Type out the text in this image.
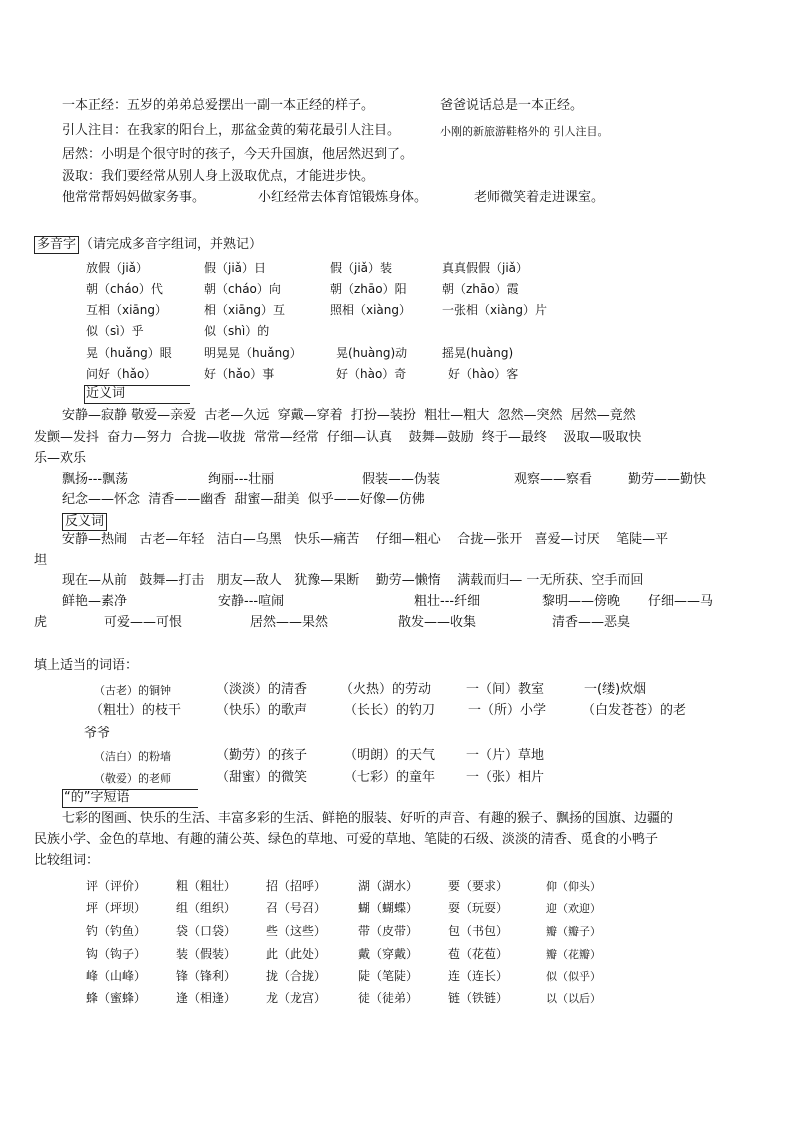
一本正经：五岁的弟弟总爱摆出一副一本正经的样子。	爸爸说话总是一本正经。
引人注目：在我家的阳台上，那盆金黄的菊花最引人注目。	小刚的新旅游鞋格外的 引人注目。
居然：小明是个很守时的孩子，今天升国旗，他居然迟到了。
汲取：我们要经常从别人身上汲取优点，才能进步快。
他常常帮妈妈做家务事。	小红经常去体育馆锻炼身体。	老师微笑着走进课室。
多音字 （请完成多音字组词，并熟记）
放假（jiǎ）	假（jiǎ）日	假（jiǎ）装	真真假假（jiǎ）
朝（cháo）代	朝（cháo）向	朝（zhāo）阳	朝（zhāo）霞
互相（xiāng）	相（xiāng）互	照相（xiàng）	一张相（xiàng）片
似（sì）乎	似（shì）的
晃（huǎng）眼	明晃晃（huǎng）	晃(huàng)动	摇晃(huàng)
问好（hǎo）	好（hǎo）事	好（hào）奇	好（hào）客
近义词
安静—寂静 敬爱—亲爱  古老—久远  穿戴—穿着  打扮—装扮  粗壮—粗大  忽然—突然  居然—竟然
发颤—发抖  奋力—努力  合拢—收拢  常常—经常  仔细—认真    鼓舞—鼓励  终于—最终    汲取—吸取快
乐—欢乐
飘扬---飘荡	绚丽---壮丽	假装——伪装	观察——察看	勤劳——勤快
纪念——怀念  清香——幽香  甜蜜—甜美  似乎——好像—仿佛
反义词
安静—热闹   古老—年轻   洁白—乌黑   快乐—痛苦    仔细—粗心    合拢—张开   喜爱—讨厌    笔陡—平
坦
现在—从前   鼓舞—打击   朋友—敌人   犹豫—果断    勤劳—懒惰    满载而归— 一无所获、空手而回
鲜艳—素净	安静---喧闹	粗壮---纤细	黎明——傍晚 仔细——马
虎	可爱——可恨	居然——果然	散发——收集	清香——恶臭
填上适当的词语：
（古老）的铜钟	（淡淡）的清香	（火热）的劳动	一（间）教室	一(缕)炊烟
（粗壮）的枝干	（快乐）的歌声	（长长）的钓刀	一（所）小学	（白发苍苍）的老
爷爷
（洁白）的粉墙	（勤劳）的孩子	（明朗）的天气 一（片）草地
（敬爱）的老师	（甜蜜）的微笑	（七彩）的童年 一（张）相片
“的”字短语
七彩的图画、快乐的生活、丰富多彩的生活、鲜艳的服装、好听的声音、有趣的猴子、飘扬的国旗、边疆的
民族小学、金色的草地、有趣的蒲公英、绿色的草地、可爱的草地、笔陡的石级、淡淡的清香、觅食的小鸭子
比较组词：
评（评价） 粗（粗壮） 招（招呼）	湖（湖水） 要（要求）	仰（仰头）
坪（坪坝） 组（组织） 召（号召）	蝴（蝴蝶） 耍（玩耍）	迎（欢迎）
钓（钓鱼） 袋（口袋） 些（这些）	带（皮带） 包（书包）	瓣（瓣子）
钩（钩子） 装（假装） 此（此处）	戴（穿戴） 苞（花苞）	瓣（花瓣）
峰（山峰） 锋（锋利） 拢（合拢）	陡（笔陡） 连（连长）	似（似乎）
蜂（蜜蜂） 逢（相逢） 龙（龙宫）	徒（徒弟） 链（铁链）	以（以后）
